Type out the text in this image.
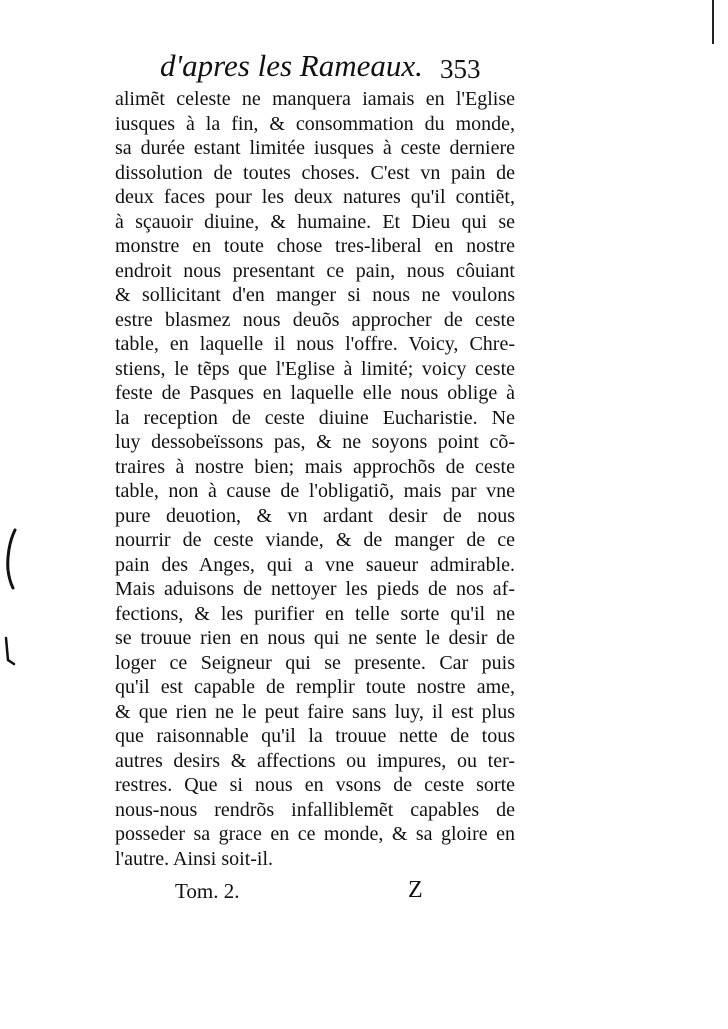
d'apres les Rameaux. 353
alimẽt celeste ne manquera iamais en l'Eglise
iusques à la fin, & consommation du monde,
sa durée estant limitée iusques à ceste derniere
dissolution de toutes choses. C'est vn pain de
deux faces pour les deux natures qu'il contiẽt,
à sçauoir diuine, & humaine. Et Dieu qui se
monstre en toute chose tres-liberal en nostre
endroit nous presentant ce pain, nous côuiant
& sollicitant d'en manger si nous ne voulons
estre blasmez nous deuõs approcher de ceste
table, en laquelle il nous l'offre. Voicy, Chre-
stiens, le tẽps que l'Eglise à limité; voicy ceste
feste de Pasques en laquelle elle nous oblige à
la reception de ceste diuine Eucharistie. Ne
luy dessobeïssons pas, & ne soyons point cõ-
traires à nostre bien; mais approchõs de ceste
table, non à cause de l'obligatiõ, mais par vne
pure deuotion, & vn ardant desir de nous
nourrir de ceste viande, & de manger de ce
pain des Anges, qui a vne saueur admirable.
Mais aduisons de nettoyer les pieds de nos af-
fections, & les purifier en telle sorte qu'il ne
se trouue rien en nous qui ne sente le desir de
loger ce Seigneur qui se presente. Car puis
qu'il est capable de remplir toute nostre ame,
& que rien ne le peut faire sans luy, il est plus
que raisonnable qu'il la trouue nette de tous
autres desirs & affections ou impures, ou ter-
restres. Que si nous en vsons de ceste sorte
nous-nous rendrõs infalliblemẽt capables de
posseder sa grace en ce monde, & sa gloire en
l'autre. Ainsi soit-il.
Tom. 2.	Z
